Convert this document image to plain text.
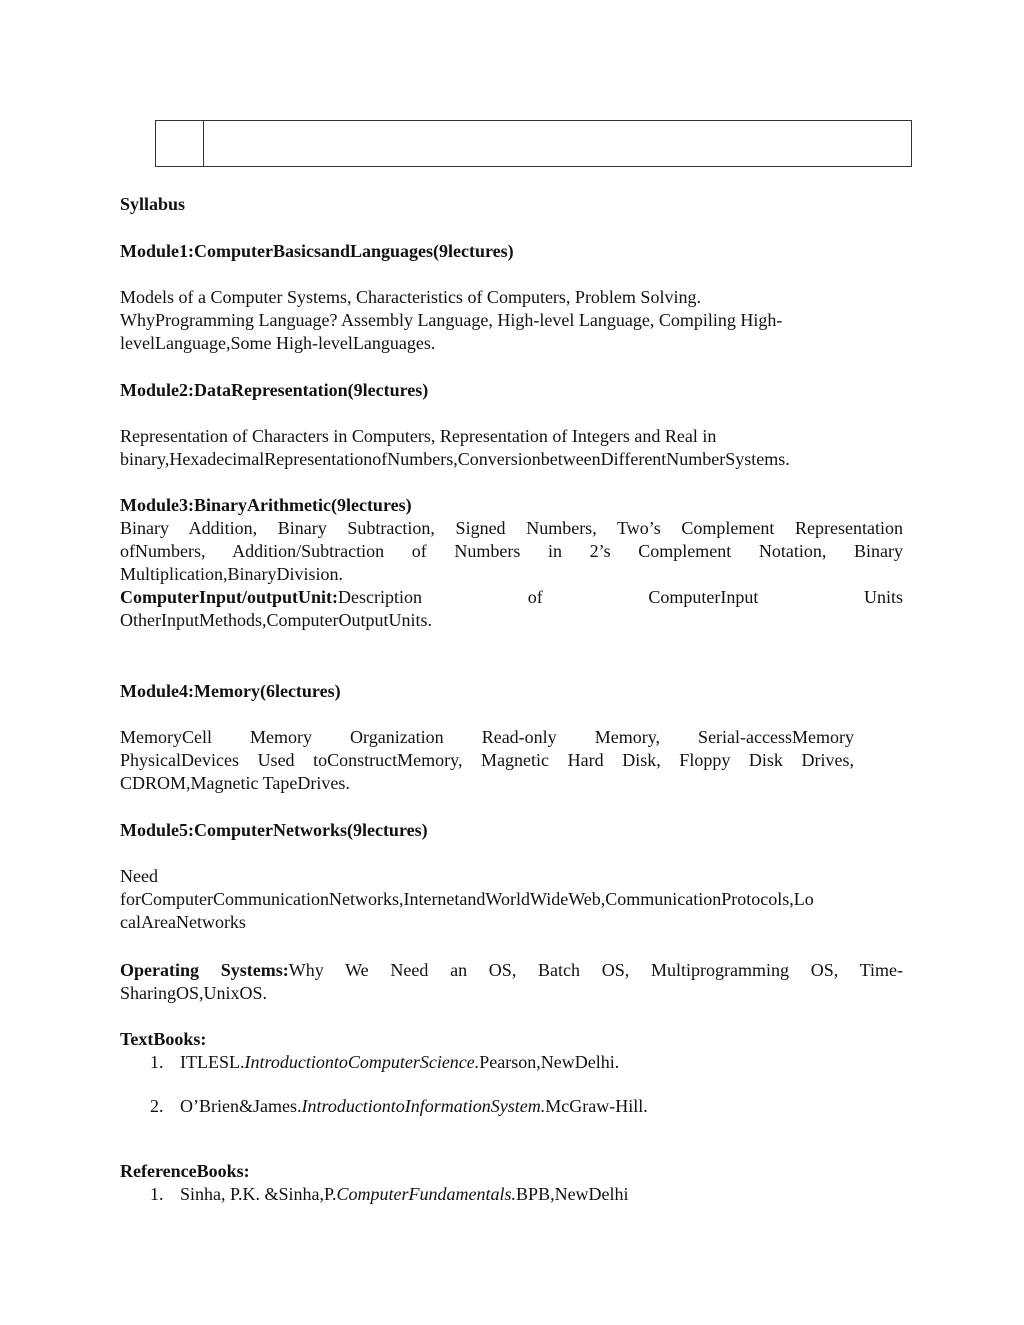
Syllabus

Module1:ComputerBasicsandLanguages(9lectures)

Models of a Computer Systems, Characteristics of Computers, Problem Solving.
WhyProgramming Language? Assembly Language, High-level Language, Compiling High-
levelLanguage,Some High-levelLanguages.

Module2:DataRepresentation(9lectures)

Representation of Characters in Computers, Representation of Integers and Real in
binary,HexadecimalRepresentationofNumbers,ConversionbetweenDifferentNumberSystems.

Module3:BinaryArithmetic(9lectures)

Binary Addition, Binary Subtraction, Signed Numbers, Two’s Complement Representation
ofNumbers, Addition/Subtraction of Numbers in 2’s Complement Notation, Binary
Multiplication,BinaryDivision.
ComputerInput/outputUnit:Description of ComputerInput Units
OtherInputMethods,ComputerOutputUnits.

Module4:Memory(6lectures)

MemoryCell Memory Organization Read-only Memory, Serial-accessMemory
PhysicalDevices Used toConstructMemory, Magnetic Hard Disk, Floppy Disk Drives,
CDROM,Magnetic TapeDrives.

Module5:ComputerNetworks(9lectures)

Need
forComputerCommunicationNetworks,InternetandWorldWideWeb,CommunicationProtocols,Lo
calAreaNetworks
Operating Systems:Why We Need an OS, Batch OS, Multiprogramming OS, Time-
SharingOS,UnixOS.

TextBooks:

1. ITLESL. IntroductiontoComputerScience. Pearson,NewDelhi.
2. O’Brien&James. IntroductiontoInformationSystem. McGraw-Hill.

ReferenceBooks:

1. Sinha, P.K. &Sinha,P. ComputerFundamentals. BPB,NewDelhi
